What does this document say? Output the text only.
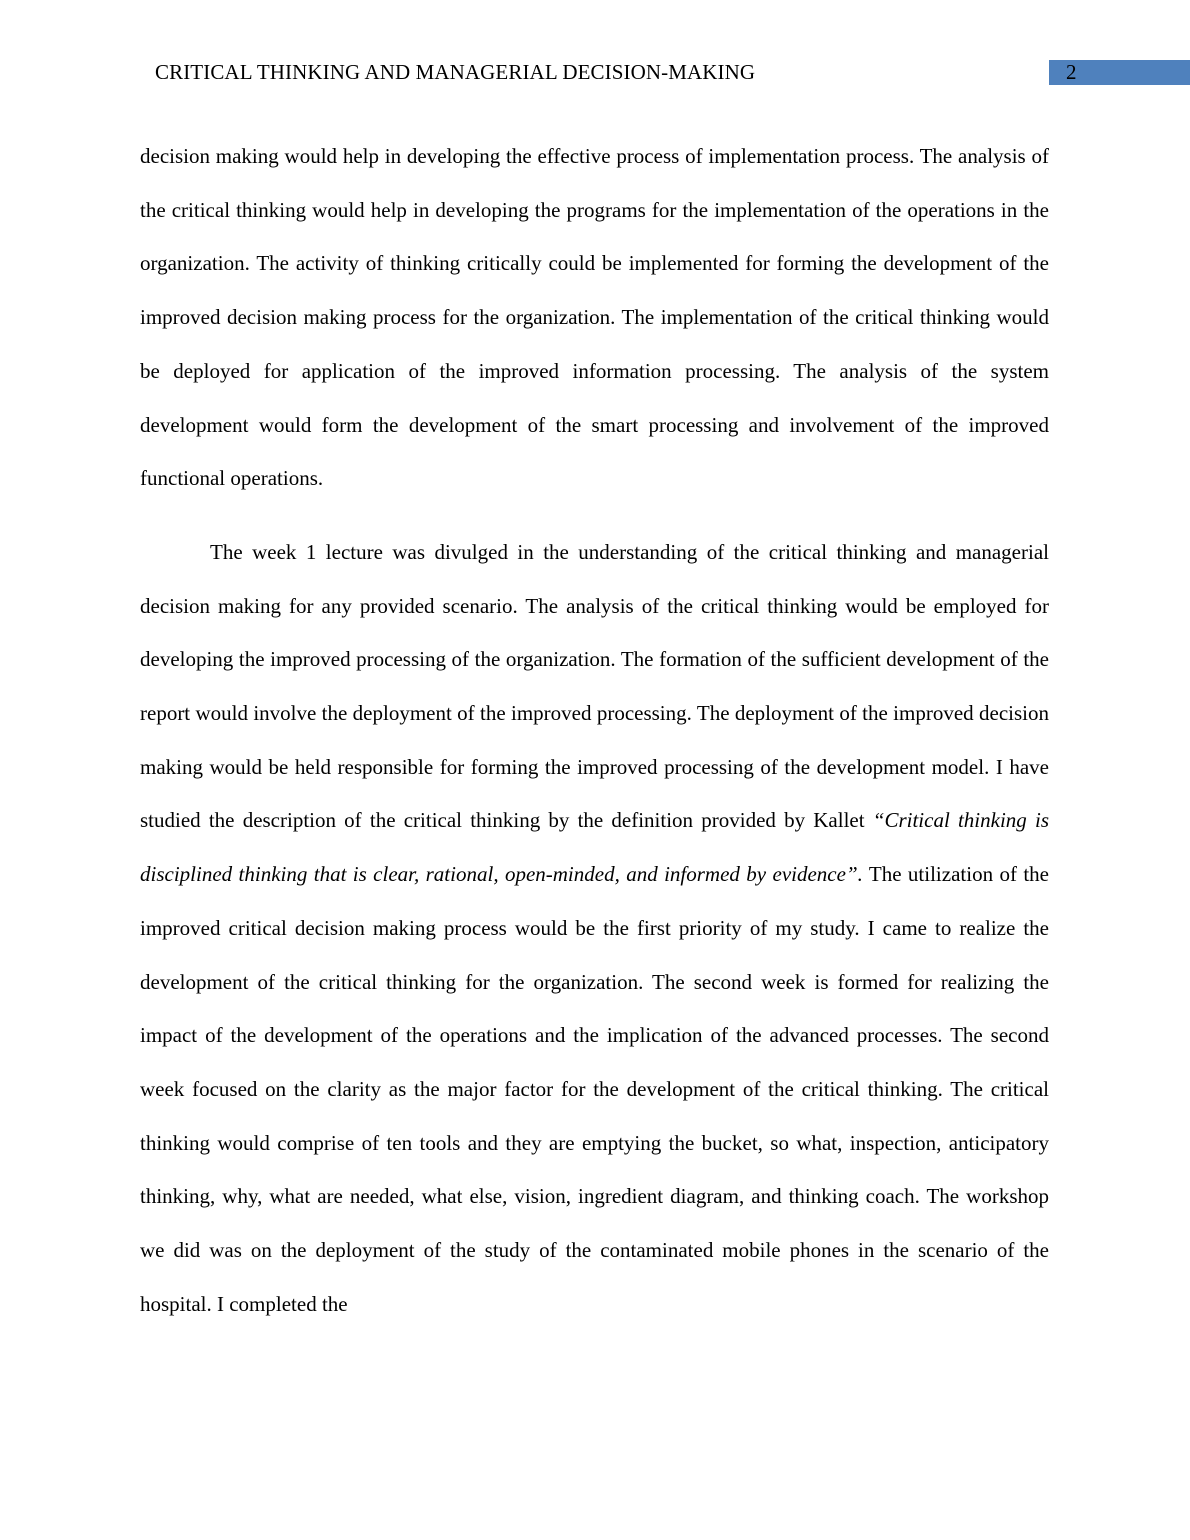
CRITICAL THINKING AND MANAGERIAL DECISION-MAKING	2

decision making would help in developing the effective process of implementation process. The analysis of the critical thinking would help in developing the programs for the implementation of the operations in the organization. The activity of thinking critically could be implemented for forming the development of the improved decision making process for the organization. The implementation of the critical thinking would be deployed for application of the improved information processing. The analysis of the system development would form the development of the smart processing and involvement of the improved functional operations.

The week 1 lecture was divulged in the understanding of the critical thinking and managerial decision making for any provided scenario. The analysis of the critical thinking would be employed for developing the improved processing of the organization. The formation of the sufficient development of the report would involve the deployment of the improved processing. The deployment of the improved decision making would be held responsible for forming the improved processing of the development model. I have studied the description of the critical thinking by the definition provided by Kallet “Critical thinking is disciplined thinking that is clear, rational, open-minded, and informed by evidence”. The utilization of the improved critical decision making process would be the first priority of my study. I came to realize the development of the critical thinking for the organization. The second week is formed for realizing the impact of the development of the operations and the implication of the advanced processes. The second week focused on the clarity as the major factor for the development of the critical thinking. The critical thinking would comprise of ten tools and they are emptying the bucket, so what, inspection, anticipatory thinking, why, what are needed, what else, vision, ingredient diagram, and thinking coach. The workshop we did was on the deployment of the study of the contaminated mobile phones in the scenario of the hospital. I completed the
